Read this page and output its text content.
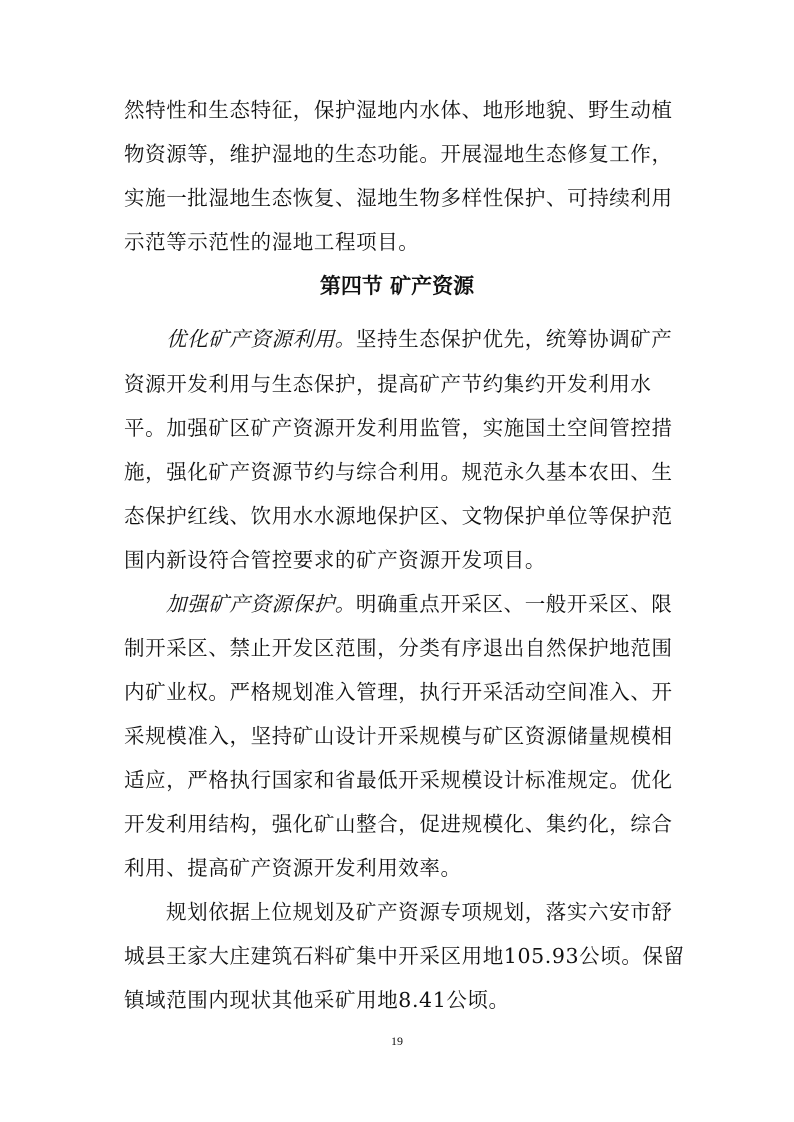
然特性和生态特征，保护湿地内水体、地形地貌、野生动植
物资源等，维护湿地的生态功能。开展湿地生态修复工作，
实施一批湿地生态恢复、湿地生物多样性保护、可持续利用
示范等示范性的湿地工程项目。
第四节 矿产资源
优化矿产资源利用。坚持生态保护优先，统筹协调矿产
资源开发利用与生态保护，提高矿产节约集约开发利用水
平。加强矿区矿产资源开发利用监管，实施国土空间管控措
施，强化矿产资源节约与综合利用。规范永久基本农田、生
态保护红线、饮用水水源地保护区、文物保护单位等保护范
围内新设符合管控要求的矿产资源开发项目。
加强矿产资源保护。明确重点开采区、一般开采区、限
制开采区、禁止开发区范围，分类有序退出自然保护地范围
内矿业权。严格规划准入管理，执行开采活动空间准入、开
采规模准入，坚持矿山设计开采规模与矿区资源储量规模相
适应，严格执行国家和省最低开采规模设计标准规定。优化
开发利用结构，强化矿山整合，促进规模化、集约化，综合
利用、提高矿产资源开发利用效率。
规划依据上位规划及矿产资源专项规划，落实六安市舒
城县王家大庄建筑石料矿集中开采区用地105.93公顷。保留
镇域范围内现状其他采矿用地8.41公顷。
19
